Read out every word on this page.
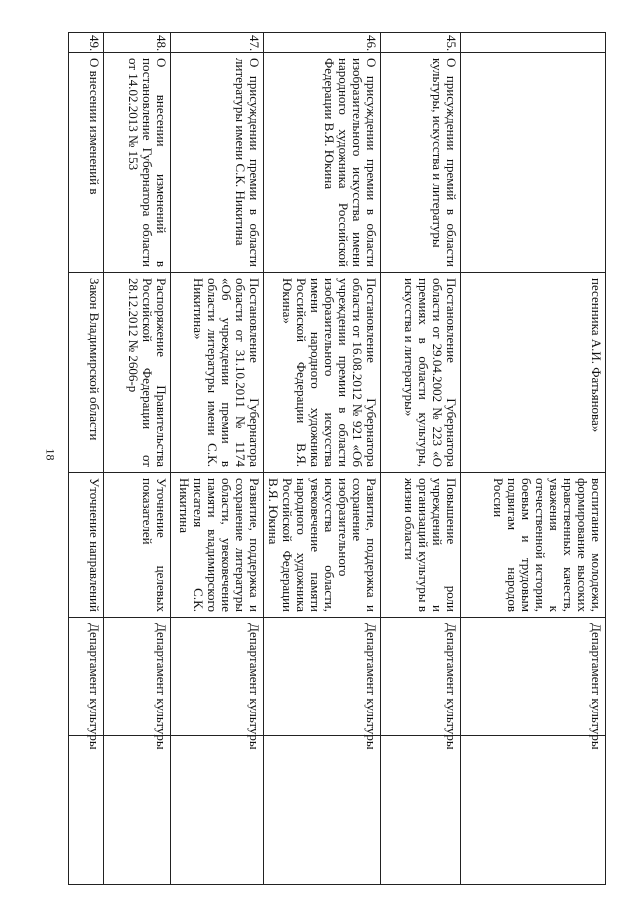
18
		песенника А.И. Фатьянова»	воспитание молодежи, формирование высоких нравственных качеств, уважения к отечественной истории, боевым и трудовым подвигам народов России	Департамент культуры	
45.	О присуждении премий в области культуры, искусства и литературы	Постановление Губернатора области от 29.04.2002 № 223 «О премиях в области культуры, искусства и литературы»	Повышение роли учреждений и организаций культуры в жизни области	Департамент культуры	
46.	О присуждении премии в области изобразительного искусства имени народного художника Российской Федерации В.Я. Юкина	Постановление Губернатора области от 16.08.2012 № 921 «Об учреждении премии в области изобразительного искусства имени народного художника Российской Федерации В.Я. Юкина»	Развитие, поддержка и сохранение изобразительного искусства области, увековечение памяти народного художника Российской Федерации В.Я. Юкина	Департамент культуры	
47.	О присуждении премии в области литературы имени С.К. Никитина	Постановление Губернатора области от 31.10.2011 № 1174 «Об учреждении премии в области литературы имени С.К. Никитина»	Развитие, поддержка и сохранение литературы области, увековечение памяти владимирского писателя С.К. Никитина	Департамент культуры	
48.	О внесении изменений в постановление Губернатора области от 14.02.2013 № 153	Распоряжение Правительства Российской Федерации от 28.12.2012 № 2606-р	Уточнение целевых показателей	Департамент культуры	
49.	О внесении изменений в	Закон Владимирской области	Уточнение направлений	Департамент культуры	
